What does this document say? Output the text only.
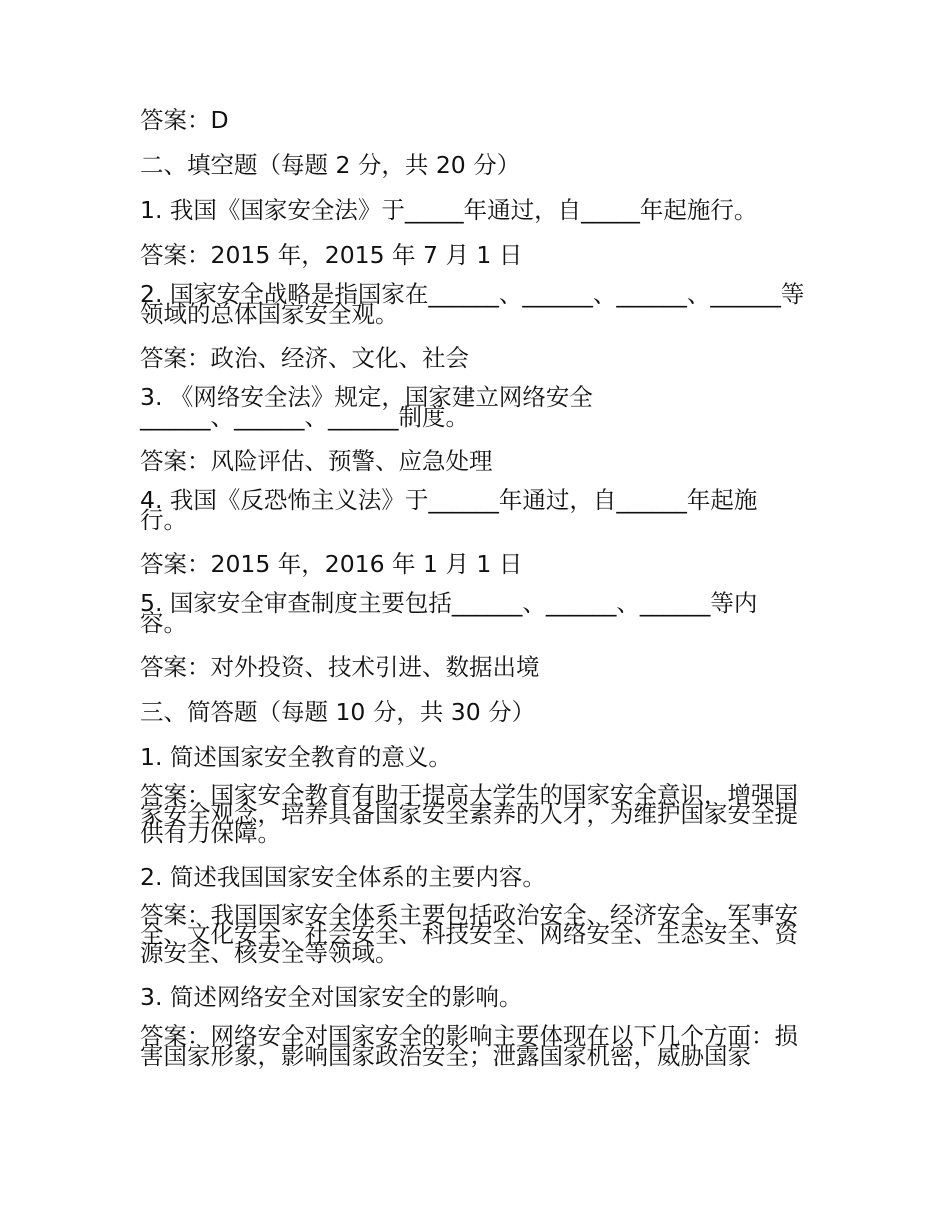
答案：D
二、填空题（每题 2 分，共 20 分）
1. 我国《国家安全法》于_____年通过，自_____年起施行。
答案：2015 年，2015 年 7 月 1 日
2. 国家安全战略是指国家在______、______、______、______等领域的总体国家安全观。
答案：政治、经济、文化、社会
3. 《网络安全法》规定，国家建立网络安全
______、______、______制度。
答案：风险评估、预警、应急处理
4. 我国《反恐怖主义法》于______年通过，自______年起施
行。
答案：2015 年，2016 年 1 月 1 日
5. 国家安全审查制度主要包括______、______、______等内
容。
答案：对外投资、技术引进、数据出境
三、简答题（每题 10 分，共 30 分）
1. 简述国家安全教育的意义。
答案：国家安全教育有助于提高大学生的国家安全意识，增强国家安全观念，培养具备国家安全素养的人才，为维护国家安全提供有力保障。
2. 简述我国国家安全体系的主要内容。
答案：我国国家安全体系主要包括政治安全、经济安全、军事安全、文化安全、社会安全、科技安全、网络安全、生态安全、资源安全、核安全等领域。
3. 简述网络安全对国家安全的影响。
答案：网络安全对国家安全的影响主要体现在以下几个方面：损害国家形象，影响国家政治安全；泄露国家机密，威胁国家
